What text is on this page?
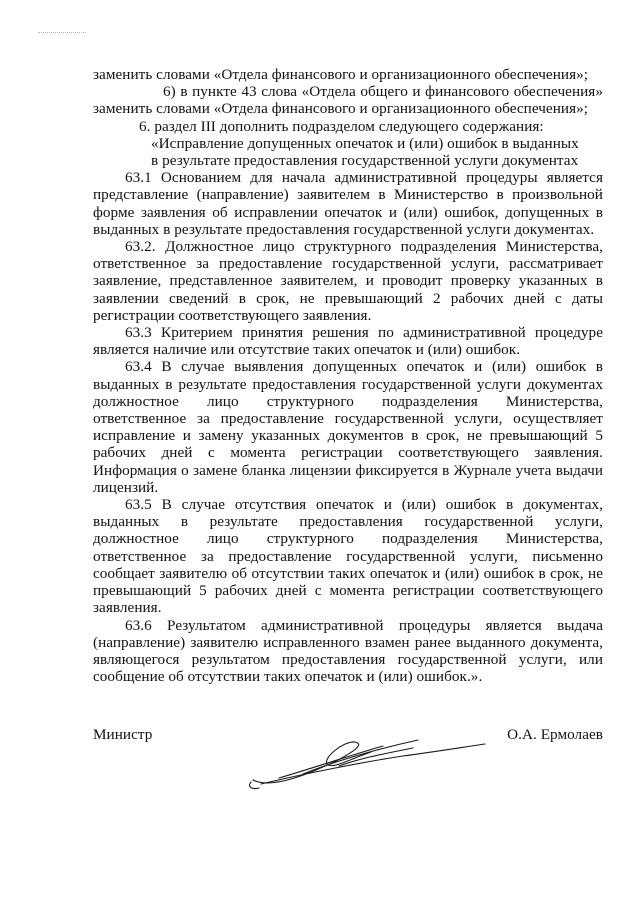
заменить словами «Отдела финансового и организационного обеспечения»;

6) в пункте 43 слова «Отдела общего и финансового обеспечения» заменить словами «Отдела финансового и организационного обеспечения»;

6. раздел III дополнить подразделом следующего содержания:

«Исправление допущенных опечаток и (или) ошибок в выданных

в результате предоставления государственной услуги документах

63.1 Основанием для начала административной процедуры является представление (направление) заявителем в Министерство в произвольной форме заявления об исправлении опечаток и (или) ошибок, допущенных в выданных в результате предоставления государственной услуги документах.

63.2. Должностное лицо структурного подразделения Министерства, ответственное за предоставление государственной услуги, рассматривает заявление, представленное заявителем, и проводит проверку указанных в заявлении сведений в срок, не превышающий 2 рабочих дней с даты регистрации соответствующего заявления.

63.3 Критерием принятия решения по административной процедуре является наличие или отсутствие таких опечаток и (или) ошибок.

63.4 В случае выявления допущенных опечаток и (или) ошибок в выданных в результате предоставления государственной услуги документах должностное лицо структурного подразделения Министерства, ответственное за предоставление государственной услуги, осуществляет исправление и замену указанных документов в срок, не превышающий 5 рабочих дней с момента регистрации соответствующего заявления. Информация о замене бланка лицензии фиксируется в Журнале учета выдачи лицензий.

63.5 В случае отсутствия опечаток и (или) ошибок в документах, выданных в результате предоставления государственной услуги, должностное лицо структурного подразделения Министерства, ответственное за предоставление государственной услуги, письменно сообщает заявителю об отсутствии таких опечаток и (или) ошибок в срок, не превышающий 5 рабочих дней с момента регистрации соответствующего заявления.

63.6 Результатом административной процедуры является выдача (направление) заявителю исправленного взамен ранее выданного документа, являющегося результатом предоставления государственной услуги, или сообщение об отсутствии таких опечаток и (или) ошибок.».

Министр	О.А. Ермолаев
